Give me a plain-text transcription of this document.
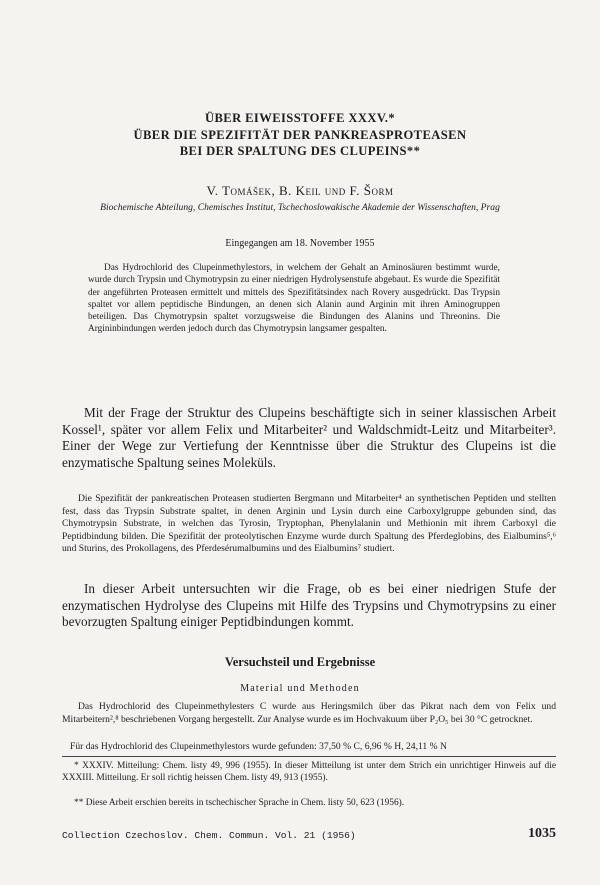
ÜBER EIWEISSTOFFE XXXV.*

ÜBER DIE SPEZIFITÄT DER PANKREASPROTEASEN

BEI DER SPALTUNG DES CLUPEINS**

V. Tomášek, B. Keil und F. Šorm
Biochemische Abteilung, Chemisches Institut, Tschechoslowakische Akademie der Wissenschaften, Prag
Eingegangen am 18. November 1955

Das Hydrochlorid des Clupeinmethylestors, in welchem der Gehalt an Aminosäuren bestimmt wurde, wurde durch Trypsin und Chymotrypsin zu einer niedrigen Hydrolysenstufe abgebaut. Es wurde die Spezifität der angeführten Proteasen ermittelt und mittels des Spezifitätsindex nach Rovery ausgedrückt. Das Trypsin spaltet vor allem peptidische Bindungen, an denen sich Alanin aund Arginin mit ihren Aminogruppen beteiligen. Das Chymotrypsin spaltet vorzugsweise die Bindungen des Alanins und Threonins. Die Argininbindungen werden jedoch durch das Chymotrypsin langsamer gespalten.

Mit der Frage der Struktur des Clupeins beschäftigte sich in seiner klassischen Arbeit Kossel¹, später vor allem Felix und Mitarbeiter² und Waldschmidt-Leitz und Mitarbeiter³. Einer der Wege zur Vertiefung der Kenntnisse über die Struktur des Clupeins ist die enzymatische Spaltung seines Moleküls.

Die Spezifität der pankreatischen Proteasen studierten Bergmann und Mitarbeiter⁴ an synthetischen Peptiden und stellten fest, dass das Trypsin Substrate spaltet, in denen Arginin und Lysin durch eine Carboxylgruppe gebunden sind, das Chymotrypsin Substrate, in welchen das Tyrosin, Tryptophan, Phenylalanin und Methionin mit ihrem Carboxyl die Peptidbindung bilden. Die Spezifität der proteolytischen Enzyme wurde durch Spaltung des Pferdeglobins, des Eialbumins⁵,⁶ und Sturins, des Prokollagens, des Pferdesérumalbumins und des Eialbumins⁷ studiert.

In dieser Arbeit untersuchten wir die Frage, ob es bei einer niedrigen Stufe der enzymatischen Hydrolyse des Clupeins mit Hilfe des Trypsins und Chymotrypsins zu einer bevorzugten Spaltung einiger Peptidbindungen kommt.

Versuchsteil und Ergebnisse
Material und Methoden

Das Hydrochlorid des Clupeinmethylesters C wurde aus Heringsmilch über das Pikrat nach dem von Felix und Mitarbeitern²,⁸ beschriebenen Vorgang hergestellt. Zur Analyse wurde es im Hochvakuum über P₂O₅ bei 30 °C getrocknet.

Für das Hydrochlorid des Clupeinmethylestors wurde gefunden: 37,50 % C, 6,96 % H, 24,11 % N

* XXXIV. Mitteilung: Chem. listy 49, 996 (1955). In dieser Mitteilung ist unter dem Strich ein unrichtiger Hinweis auf die XXXIII. Mitteilung. Er soll richtig heissen Chem. listy 49, 913 (1955).

** Diese Arbeit erschien bereits in tschechischer Sprache in Chem. listy 50, 623 (1956).

Collection Czechoslov. Chem. Commun. Vol. 21 (1956)	1035
